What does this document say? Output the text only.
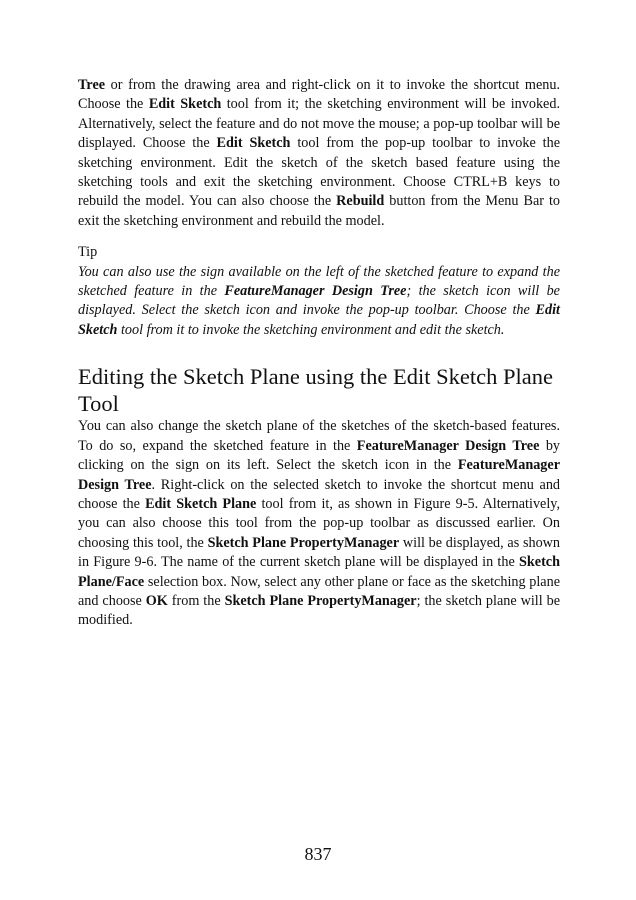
Tree or from the drawing area and right-click on it to invoke the shortcut menu. Choose the Edit Sketch tool from it; the sketching environment will be invoked. Alternatively, select the feature and do not move the mouse; a pop-up toolbar will be displayed. Choose the Edit Sketch tool from the pop-up toolbar to invoke the sketching environment. Edit the sketch of the sketch based feature using the sketching tools and exit the sketching environment. Choose CTRL+B keys to rebuild the model. You can also choose the Rebuild button from the Menu Bar to exit the sketching environment and rebuild the model.

Tip

You can also use the sign available on the left of the sketched feature to expand the sketched feature in the FeatureManager Design Tree; the sketch icon will be displayed. Select the sketch icon and invoke the pop-up toolbar. Choose the Edit Sketch tool from it to invoke the sketching environment and edit the sketch.

Editing the Sketch Plane using the Edit Sketch Plane Tool

You can also change the sketch plane of the sketches of the sketch-based features. To do so, expand the sketched feature in the FeatureManager Design Tree by clicking on the sign on its left. Select the sketch icon in the FeatureManager Design Tree. Right-click on the selected sketch to invoke the shortcut menu and choose the Edit Sketch Plane tool from it, as shown in Figure 9-5. Alternatively, you can also choose this tool from the pop-up toolbar as discussed earlier. On choosing this tool, the Sketch Plane PropertyManager will be displayed, as shown in Figure 9-6. The name of the current sketch plane will be displayed in the Sketch Plane/Face selection box. Now, select any other plane or face as the sketching plane and choose OK from the Sketch Plane PropertyManager; the sketch plane will be modified.

837
